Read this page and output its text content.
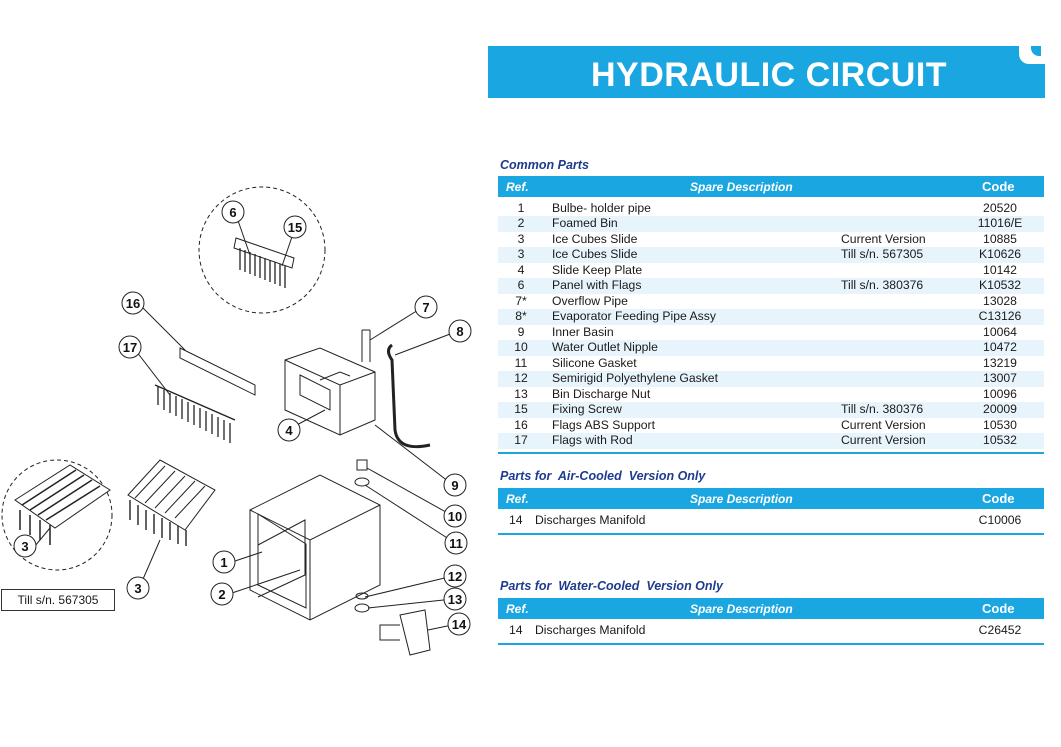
HYDRAULIC CIRCUIT
Common Parts
Ref.	Spare Description	Code
1	Bulbe- holder pipe	20520
2	Foamed Bin	11016/E
3	Ice Cubes Slide	Current Version	10885
3	Ice Cubes Slide	Till s/n. 567305	K10626
4	Slide Keep Plate	10142
6	Panel with Flags	Till s/n. 380376	K10532
7*	Overflow Pipe	13028
8*	Evaporator Feeding Pipe Assy	C13126
9	Inner Basin	10064
10	Water Outlet Nipple	10472
11	Silicone Gasket	13219
12	Semirigid Polyethylene Gasket	13007
13	Bin Discharge Nut	10096
15	Fixing Screw	Till s/n. 380376	20009
16	Flags ABS Support	Current Version	10530
17	Flags with Rod	Current Version	10532
Parts for  Air-Cooled  Version Only
Ref.	Spare Description	Code
14 Discharges Manifold	C10006
Parts for  Water-Cooled  Version Only
Ref.	Spare Description	Code
14 Discharges Manifold	C26452
6
15
16
17
7
8
4
9
10
11
12
13
14
1
2
3
3
Till s/n. 567305
